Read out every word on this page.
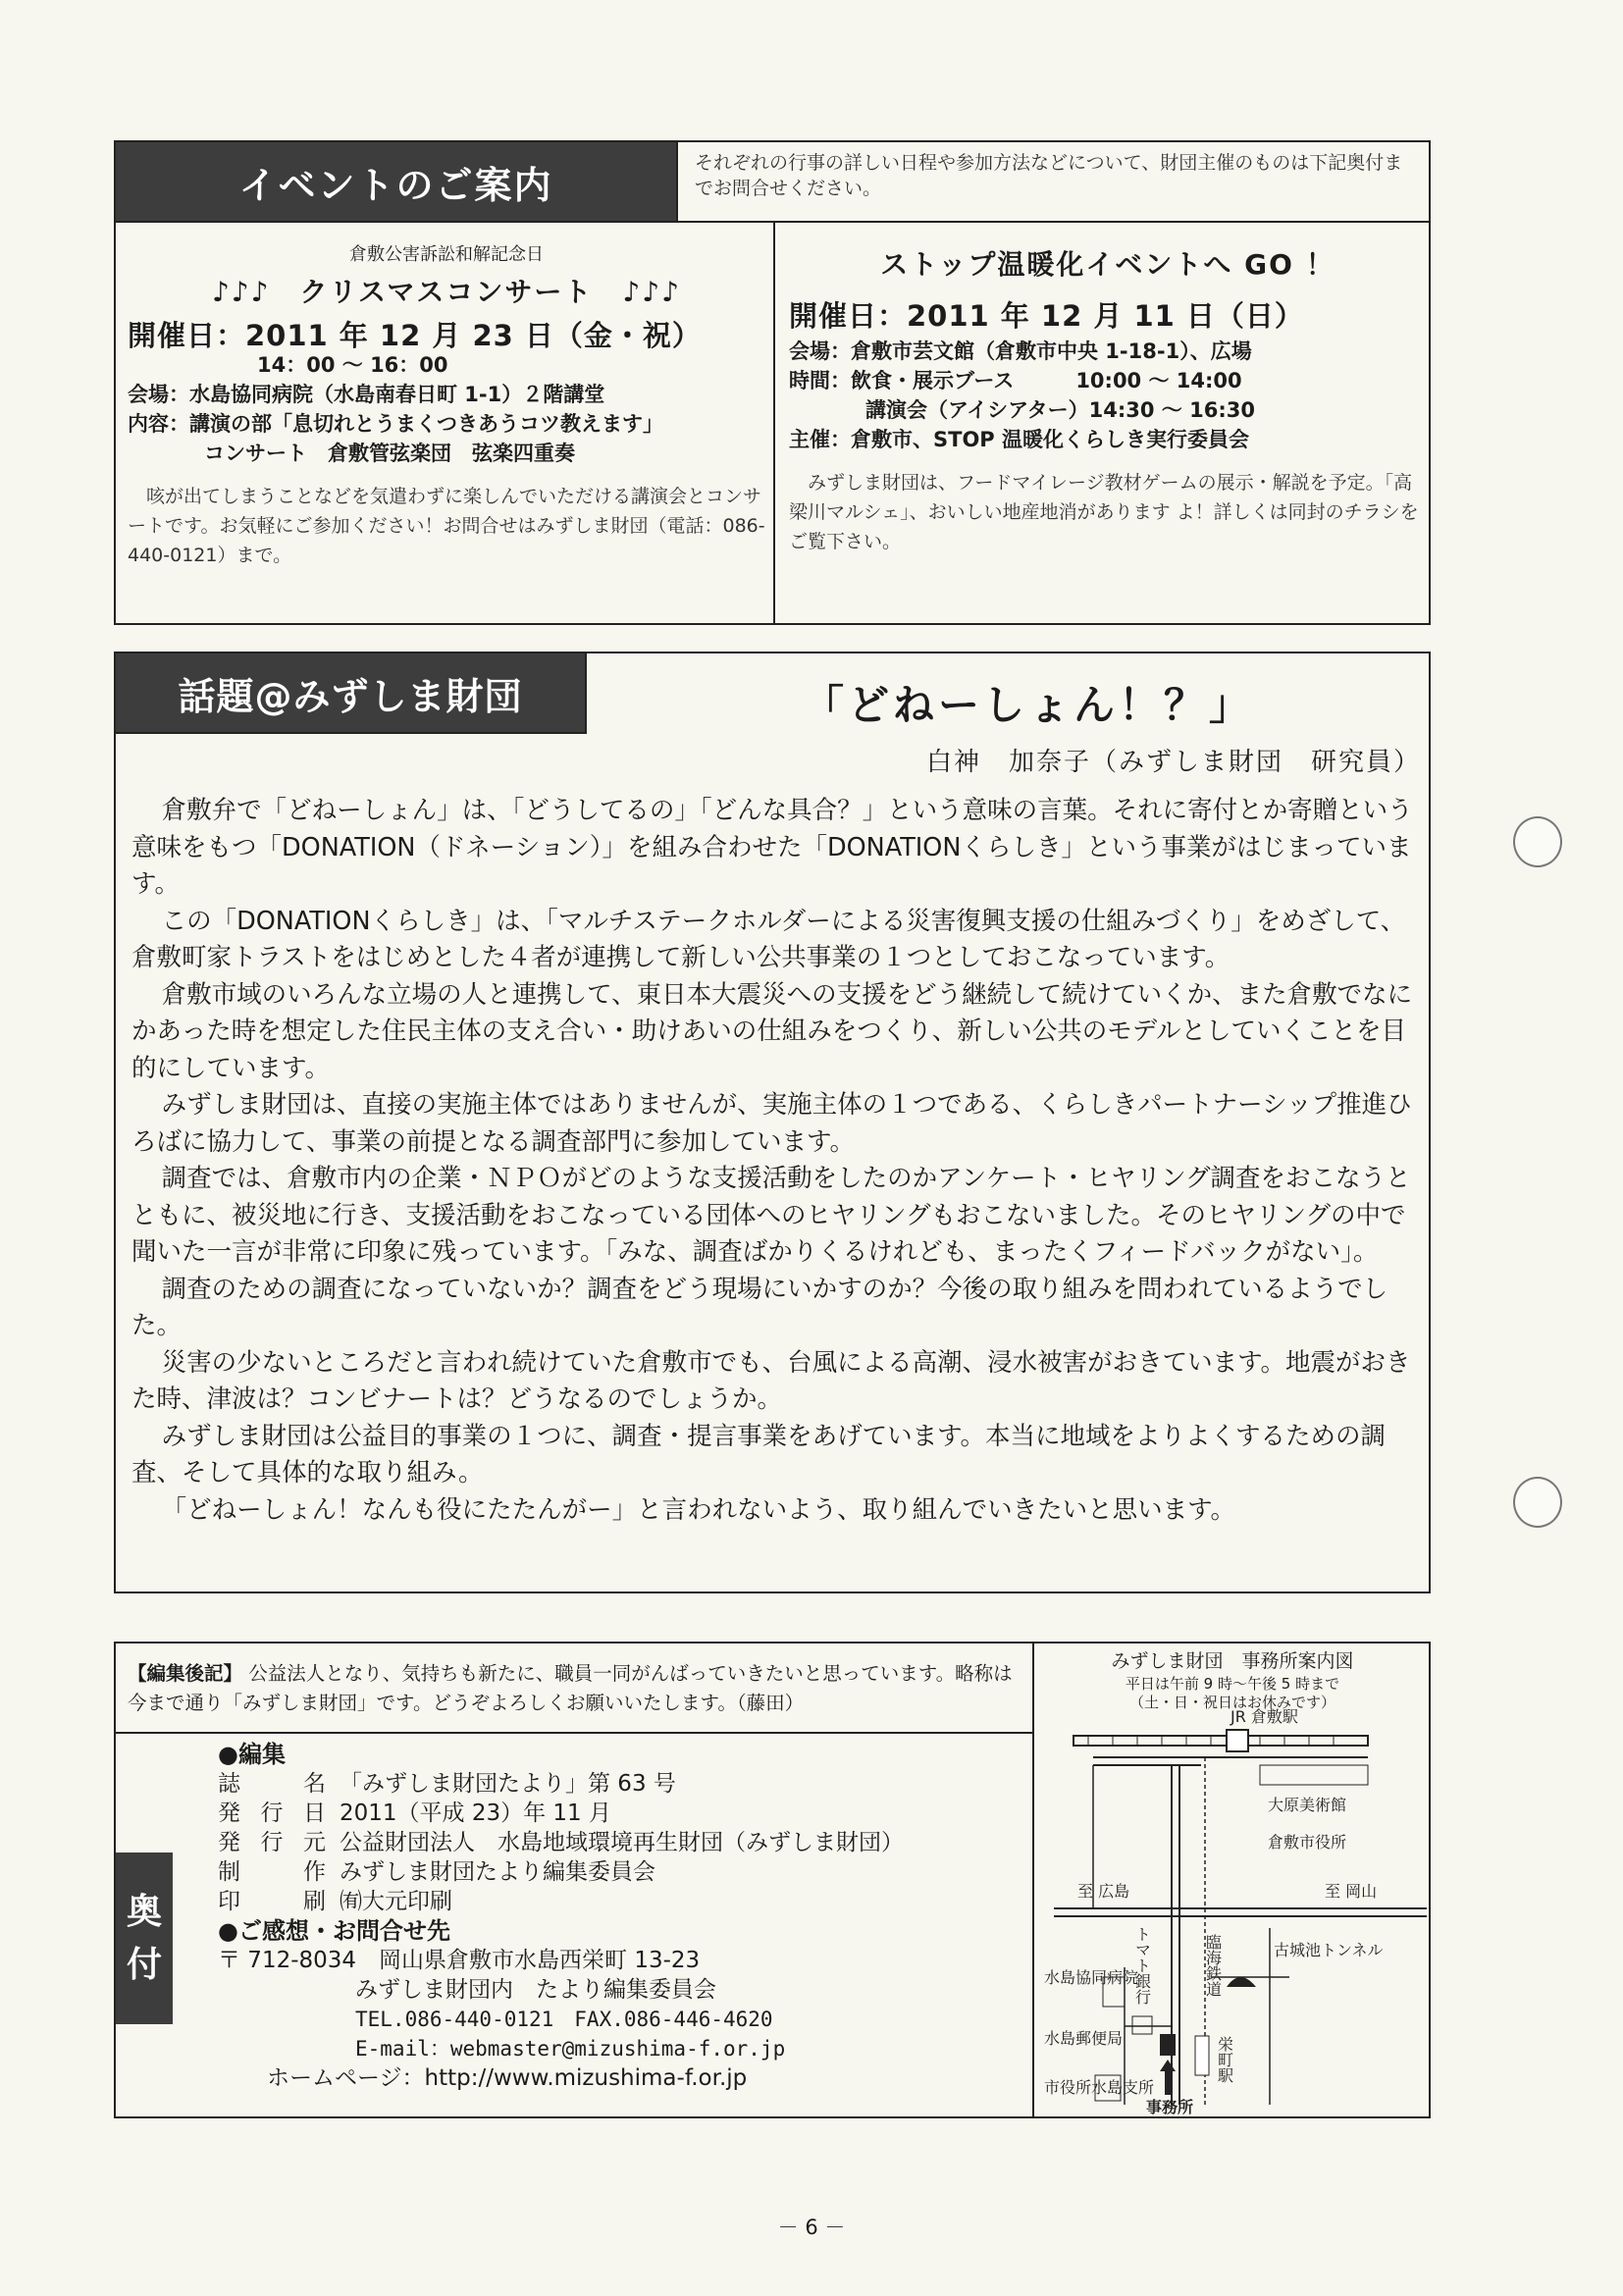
イベントのご案内
それぞれの行事の詳しい日程や参加方法などについて、財団主催のものは下記奥付までお問合せください。
倉敷公害訴訟和解記念日
♪♪♪　クリスマスコンサート　♪♪♪
開催日：2011 年 12 月 23 日（金・祝）
14：00 〜 16：00
会場：水島協同病院（水島南春日町 1-1）２階講堂
内容：講演の部「息切れとうまくつきあうコツ教えます」
コンサート　倉敷管弦楽団　弦楽四重奏
咳が出てしまうことなどを気遣わずに楽しんでいただける講演会とコンサートです。お気軽にご参加ください！お問合せはみずしま財団（電話：086-440-0121）まで。
ストップ温暖化イベントへ GO ！
開催日：2011 年 12 月 11 日（日）
会場：倉敷市芸文館（倉敷市中央 1-18-1）、広場
時間：飲食・展示ブース　　　10:00 〜 14:00
講演会（アイシアター）14:30 〜 16:30
主催：倉敷市、STOP 温暖化くらしき実行委員会
みずしま財団は、フードマイレージ教材ゲームの展示・解説を予定。「高梁川マルシェ」、おいしい地産地消があります よ！詳しくは同封のチラシをご覧下さい。
話題@みずしま財団	「どねーしょん！？」
白神　加奈子（みずしま財団　研究員）

倉敷弁で「どねーしょん」は、「どうしてるの」「どんな具合？」という意味の言葉。それに寄付とか寄贈という意味をもつ「DONATION（ドネーション）」を組み合わせた「DONATIONくらしき」という事業がはじまっています。

この「DONATIONくらしき」は、「マルチステークホルダーによる災害復興支援の仕組みづくり」をめざして、倉敷町家トラストをはじめとした４者が連携して新しい公共事業の１つとしておこなっています。

倉敷市域のいろんな立場の人と連携して、東日本大震災への支援をどう継続して続けていくか、また倉敷でなにかあった時を想定した住民主体の支え合い・助けあいの仕組みをつくり、新しい公共のモデルとしていくことを目的にしています。

みずしま財団は、直接の実施主体ではありませんが、実施主体の１つである、くらしきパートナーシップ推進ひろばに協力して、事業の前提となる調査部門に参加しています。

調査では、倉敷市内の企業・ＮＰＯがどのような支援活動をしたのかアンケート・ヒヤリング調査をおこなうとともに、被災地に行き、支援活動をおこなっている団体へのヒヤリングもおこないました。そのヒヤリングの中で聞いた一言が非常に印象に残っています。「みな、調査ばかりくるけれども、まったくフィードバックがない」。

調査のための調査になっていないか？調査をどう現場にいかすのか？今後の取り組みを問われているようでした。

災害の少ないところだと言われ続けていた倉敷市でも、台風による高潮、浸水被害がおきています。地震がおきた時、津波は？コンビナートは？どうなるのでしょうか。

みずしま財団は公益目的事業の１つに、調査・提言事業をあげています。本当に地域をよりよくするための調査、そして具体的な取り組み。

「どねーしょん！なんも役にたたんがー」と言われないよう、取り組んでいきたいと思います。

【編集後記】 公益法人となり、気持ちも新たに、職員一同がんばっていきたいと思っています。略称は今まで通り「みずしま財団」です。どうぞよろしくお願いいたします。（藤田）
奥
付
●編集
誌　名 「みずしま財団たより」第 63 号
発行日 2011（平成 23）年 11 月
発行元 公益財団法人　水島地域環境再生財団（みずしま財団）
制　作 みずしま財団たより編集委員会
印　刷 ㈲大元印刷
●ご感想・お問合せ先
〒 712-8034　岡山県倉敷市水島西栄町 13-23
みずしま財団内　たより編集委員会
TEL.086-440-0121　FAX.086-446-4620
E-mail：webmaster@mizushima-f.or.jp
ホームページ：http://www.mizushima-f.or.jp
みずしま財団　事務所案内図
平日は午前 9 時〜午後 5 時まで
（土・日・祝日はお休みです）
JR 倉敷駅
大原美術館
倉敷市役所
至 広島	至 岡山
臨海鉄道
トマト銀行
水島協同病院
古城池トンネル
水島郵便局
市役所水島支所
事務所
栄町駅
－ 6 －
